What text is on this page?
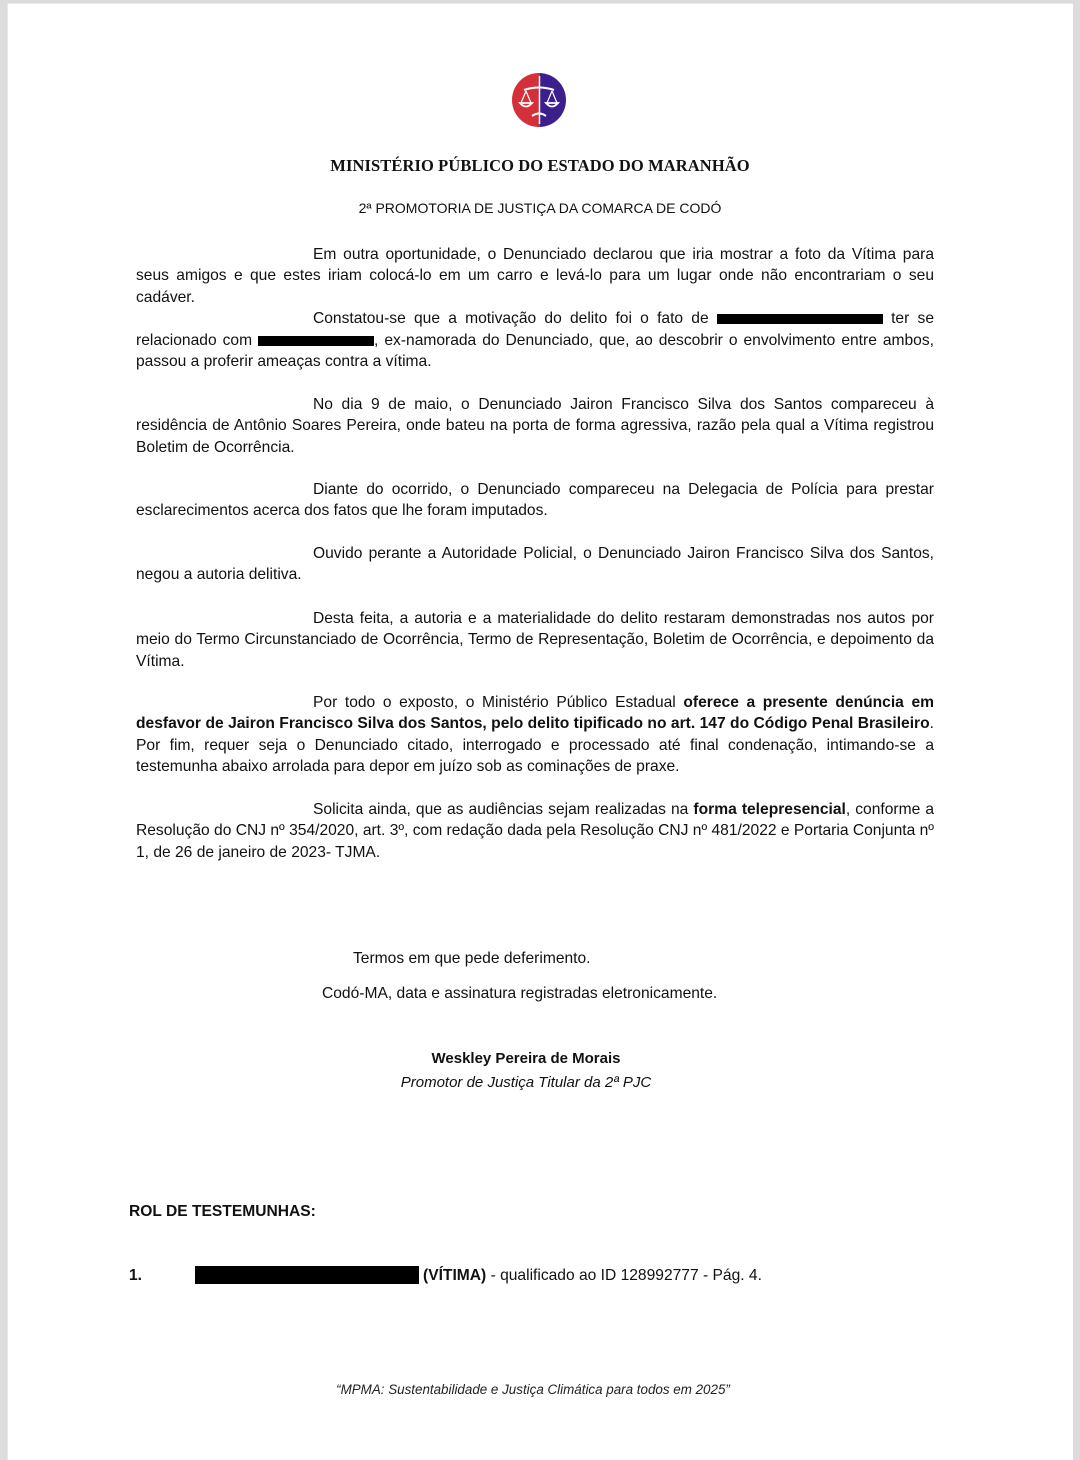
MINISTÉRIO PÚBLICO DO ESTADO DO MARANHÃO
2ª PROMOTORIA DE JUSTIÇA DA COMARCA DE CODÓ

Em outra oportunidade, o Denunciado declarou que iria mostrar a foto da Vítima para seus amigos e que estes iriam colocá-lo em um carro e levá-lo para um lugar onde não encontrariam o seu cadáver.

Constatou-se que a motivação do delito foi o fato de	ter se relacionado com	, ex-namorada do Denunciado, que, ao descobrir o envolvimento entre ambos, passou a proferir ameaças contra a vítima.

No dia 9 de maio, o Denunciado Jairon Francisco Silva dos Santos compareceu à residência de Antônio Soares Pereira, onde bateu na porta de forma agressiva, razão pela qual a Vítima registrou Boletim de Ocorrência.

Diante do ocorrido, o Denunciado compareceu na Delegacia de Polícia para prestar esclarecimentos acerca dos fatos que lhe foram imputados.

Ouvido perante a Autoridade Policial, o Denunciado Jairon Francisco Silva dos Santos, negou a autoria delitiva.

Desta feita, a autoria e a materialidade do delito restaram demonstradas nos autos por meio do Termo Circunstanciado de Ocorrência, Termo de Representação, Boletim de Ocorrência, e depoimento da Vítima.

Por todo o exposto, o Ministério Público Estadual oferece a presente denúncia em desfavor de Jairon Francisco Silva dos Santos, pelo delito tipificado no art. 147 do Código Penal Brasileiro. Por fim, requer seja o Denunciado citado, interrogado e processado até final condenação, intimando-se a testemunha abaixo arrolada para depor em juízo sob as cominações de praxe.

Solicita ainda, que as audiências sejam realizadas na forma telepresencial, conforme a Resolução do CNJ nº 354/2020, art. 3º, com redação dada pela Resolução CNJ nº 481/2022 e Portaria Conjunta nº 1, de 26 de janeiro de 2023- TJMA.

Termos em que pede deferimento.
Codó-MA, data e assinatura registradas eletronicamente.
Weskley Pereira de Morais
Promotor de Justiça Titular da 2ª PJC
ROL DE TESTEMUNHAS:
1.	(VÍTIMA) - qualificado ao ID 128992777 - Pág. 4.
“MPMA: Sustentabilidade e Justiça Climática para todos em 2025”
